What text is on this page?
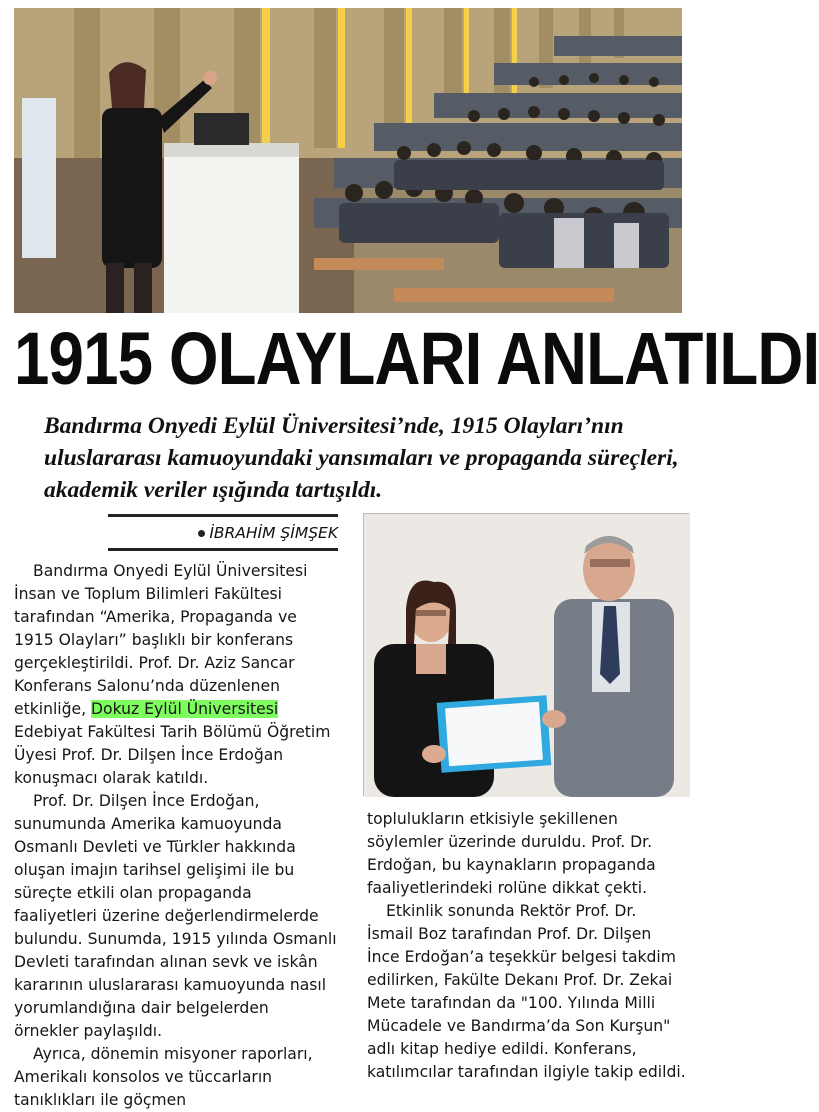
1915 OLAYLARI ANLATILDI

Bandırma Onyedi Eylül Üniversitesi’nde, 1915 Olayları’nın uluslararası kamuoyundaki yansımaları ve propaganda süreçleri, akademik veriler ışığında tartışıldı.

İBRAHİM ŞİMŞEK

Bandırma Onyedi Eylül Üniversitesi İnsan ve Toplum Bilimleri Fakültesi tarafından “Amerika, Propaganda ve 1915 Olayları” başlıklı bir konferans gerçekleştirildi. Prof. Dr. Aziz Sancar Konferans Salonu’nda düzenlenen etkinliğe, Dokuz Eylül Üniversitesi Edebiyat Fakültesi Tarih Bölümü Öğretim Üyesi Prof. Dr. Dilşen İnce Erdoğan konuşmacı olarak katıldı.

Prof. Dr. Dilşen İnce Erdoğan, sunumunda Amerika kamuoyunda Osmanlı Devleti ve Türkler hakkında oluşan imajın tarihsel gelişimi ile bu süreçte etkili olan propaganda faaliyetleri üzerine değerlendirmelerde bulundu. Sunumda, 1915 yılında Osmanlı Devleti tarafından alınan sevk ve iskân kararının uluslararası kamuoyunda nasıl yorumlandığına dair belgelerden örnekler paylaşıldı.

Ayrıca, dönemin misyoner raporları, Amerikalı konsolos ve tüccarların tanıklıkları ile göçmen

toplulukların etkisiyle şekillenen söylemler üzerinde duruldu. Prof. Dr. Erdoğan, bu kaynakların propaganda faaliyetlerindeki rolüne dikkat çekti.

Etkinlik sonunda Rektör Prof. Dr. İsmail Boz tarafından Prof. Dr. Dilşen İnce Erdoğan’a teşekkür belgesi takdim edilirken, Fakülte Dekanı Prof. Dr. Zekai Mete tarafından da "100. Yılında Milli Mücadele ve Bandırma’da Son Kurşun" adlı kitap hediye edildi. Konferans, katılımcılar tarafından ilgiyle takip edildi.
